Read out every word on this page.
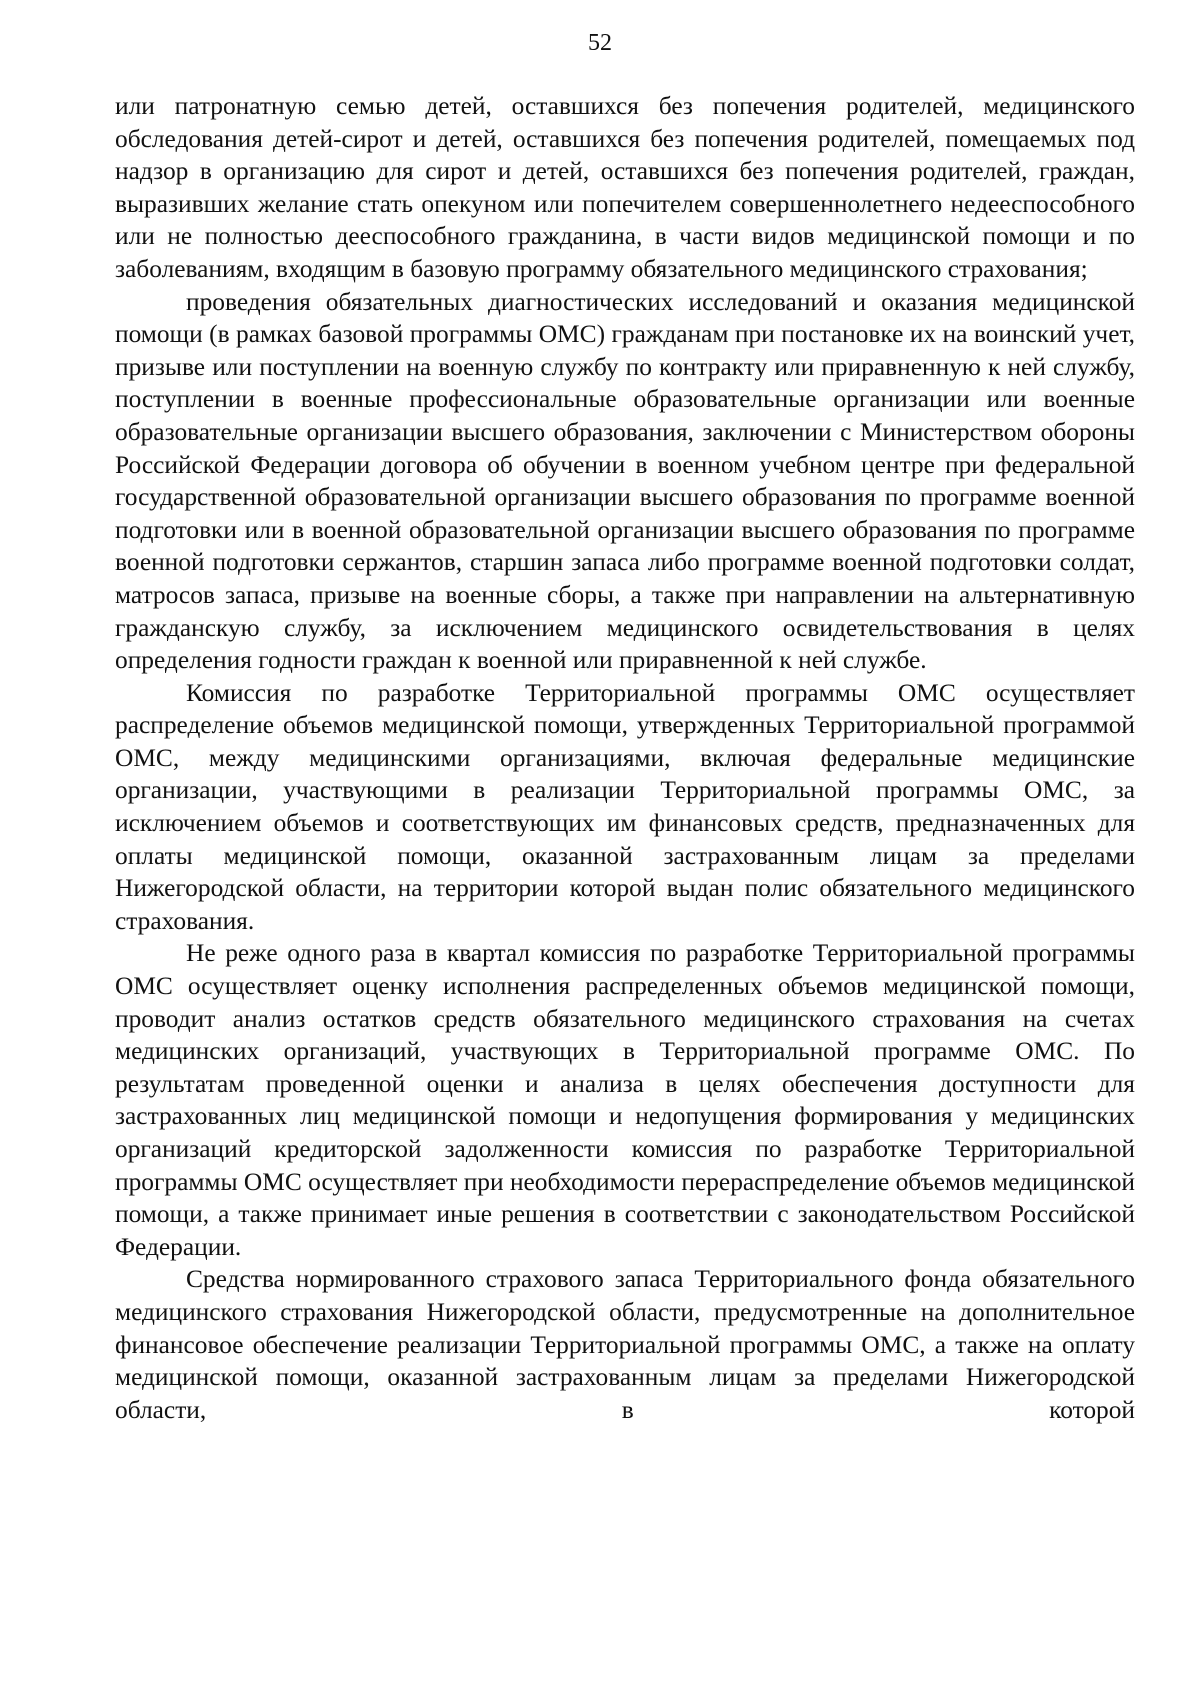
52

или патронатную семью детей, оставшихся без попечения родителей, медицинского обследования детей-сирот и детей, оставшихся без попечения родителей, помещаемых под надзор в организацию для сирот и детей, оставшихся без попечения родителей, граждан, выразивших желание стать опекуном или попечителем совершеннолетнего недееспособного или не полностью дееспособного гражданина, в части видов медицинской помощи и по заболеваниям, входящим в базовую программу обязательного медицинского страхования;

проведения обязательных диагностических исследований и оказания медицинской помощи (в рамках базовой программы ОМС) гражданам при постановке их на воинский учет, призыве или поступлении на военную службу по контракту или приравненную к ней службу, поступлении в военные профессиональные образовательные организации или военные образовательные организации высшего образования, заключении с Министерством обороны Российской Федерации договора об обучении в военном учебном центре при федеральной государственной образовательной организации высшего образования по программе военной подготовки или в военной образовательной организации высшего образования по программе военной подготовки сержантов, старшин запаса либо программе военной подготовки солдат, матросов запаса, призыве на военные сборы, а также при направлении на альтернативную гражданскую службу, за исключением медицинского освидетельствования в целях определения годности граждан к военной или приравненной к ней службе.

Комиссия по разработке Территориальной программы ОМС осуществляет распределение объемов медицинской помощи, утвержденных Территориальной программой ОМС, между медицинскими организациями, включая федеральные медицинские организации, участвующими в реализации Территориальной программы ОМС, за исключением объемов и соответствующих им финансовых средств, предназначенных для оплаты медицинской помощи, оказанной застрахованным лицам за пределами Нижегородской области, на территории которой выдан полис обязательного медицинского страхования.

Не реже одного раза в квартал комиссия по разработке Территориальной программы ОМС осуществляет оценку исполнения распределенных объемов медицинской помощи, проводит анализ остатков средств обязательного медицинского страхования на счетах медицинских организаций, участвующих в Территориальной программе ОМС. По результатам проведенной оценки и анализа в целях обеспечения доступности для застрахованных лиц медицинской помощи и недопущения формирования у медицинских организаций кредиторской задолженности комиссия по разработке Территориальной программы ОМС осуществляет при необходимости перераспределение объемов медицинской помощи, а также принимает иные решения в соответствии с законодательством Российской Федерации.

Средства нормированного страхового запаса Территориального фонда обязательного медицинского страхования Нижегородской области, предусмотренные на дополнительное финансовое обеспечение реализации Территориальной программы ОМС, а также на оплату медицинской помощи, оказанной застрахованным лицам за пределами Нижегородской области, в которой
